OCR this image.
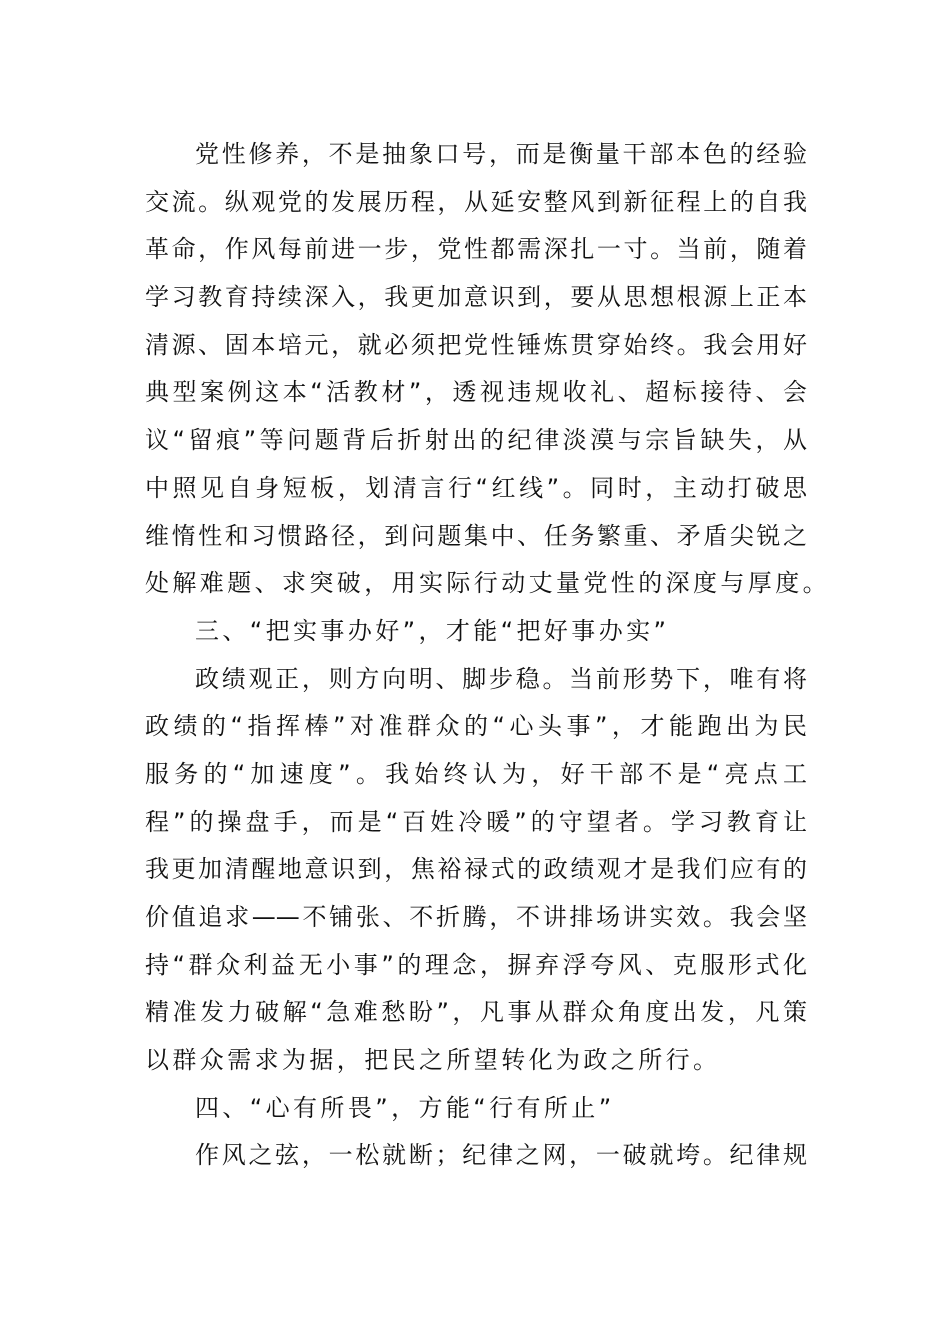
党性修养，不是抽象口号，而是衡量干部本色的经验
交流。纵观党的发展历程，从延安整风到新征程上的自我
革命，作风每前进一步，党性都需深扎一寸。当前，随着
学习教育持续深入，我更加意识到，要从思想根源上正本
清源、固本培元，就必须把党性锤炼贯穿始终。我会用好
典型案例这本“活教材”，透视违规收礼、超标接待、会
议“留痕”等问题背后折射出的纪律淡漠与宗旨缺失，从
中照见自身短板，划清言行“红线”。同时，主动打破思
维惰性和习惯路径，到问题集中、任务繁重、矛盾尖锐之
处解难题、求突破，用实际行动丈量党性的深度与厚度。
三、“把实事办好”，才能“把好事办实”
政绩观正，则方向明、脚步稳。当前形势下，唯有将
政绩的“指挥棒”对准群众的“心头事”，才能跑出为民
服务的“加速度”。我始终认为，好干部不是“亮点工
程”的操盘手，而是“百姓冷暖”的守望者。学习教育让
我更加清醒地意识到，焦裕禄式的政绩观才是我们应有的
价值追求——不铺张、不折腾，不讲排场讲实效。我会坚
持“群众利益无小事”的理念，摒弃浮夸风、克服形式化
精准发力破解“急难愁盼”，凡事从群众角度出发，凡策
以群众需求为据，把民之所望转化为政之所行。
四、“心有所畏”，方能“行有所止”
作风之弦，一松就断；纪律之网，一破就垮。纪律规
